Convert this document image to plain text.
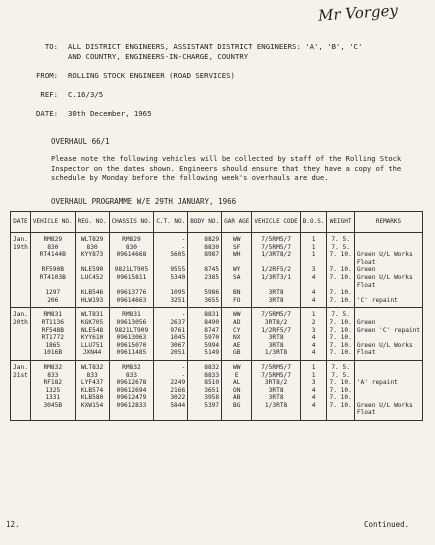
Mr Vorgey
TO: ALL DISTRICT ENGINEERS, ASSISTANT DISTRICT ENGINEERS: 'A', 'B', 'C'
AND COUNTRY, ENGINEERS-IN-CHARGE, COUNTRY
FROM: ROLLING STOCK ENGINEER (ROAD SERVICES)
REF: C.16/3/5
DATE: 30th December, 1965
OVERHAUL 66/1
Please note the following vehicles will be collected by staff of the Rolling Stock Inspector on the dates shown. Engineers should ensure that they have a copy of the schedule by Monday before the following week's overhauls are due.
OVERHAUL PROGRAMME W/E 29TH JANUARY, 1966
DATE	VEHICLE NO.	REG. NO.	CHASSIS NO.	C.T. NO.	BODY NO.	GAR AGE	VEHICLE CODE	B.O.S.	WEIGHT	REMARKS
Jan.	RM829	WLT829	RM829	-	8829	WW	7/5RM5/7	1	7. 5.	
19th	830	830	830	-	8830	SF	7/5RM5/7	1	7. 5.	
	RT4144B	KYY873	09614668	5605	8987	WH	1/3RT8/2	1	7. 10.	Green U/L Works
										Float
	RF590B	NLE590	9821LT905	9555	8745	WY	1/2RF5/2	3	7. 10.	Green
	RT4103B	LUC452	09615811	5340	2385	SA	1/3RT3/1	4	7. 10.	Green U/L Works
										Float
	1297	KLB546	09613776	1095	5986	BN	3RT8	4	7. 10.	
	206	HLW193	09614663	3251	3655	FO	3RT8	4	7. 10.	'C' repaint

Jan.	RM831	WLT831	RM831	-	8831	WW	7/5RM5/7	1	7. 5.	
20th	RT1136	KGK705	09613056	2637	8490	AD	3RT8/2	2	7. 10.	Green
	RF548B	NLE548	9821LT909	9761	8747	CY	1/2RF5/7	3	7. 10.	Green 'C' repaint
	RT1772	KYY610	09613063	1045	5970	NX	3RT8	4	7. 10.	
	1865	LLU751	09615070	3067	5994	AE	3RT8	4	7. 10.	Green U/L Works
	1016B	JXN44	09611485	2051	5149	GB	1/3RT8	4	7. 10.	Float

Jan.	RM832	WLT832	RM832	-	8832	WW	7/5RM5/7	1	7. 5.	
21st	833	833	833	-	8833	E	7/5RM5/7	1	7. 5.	
	RF182	LYF437	09612678	2249	8510	AL	3RT8/2	3	7. 10.	'A' repaint
	1325	KLB574	09612694	2166	3651	ON	3RT8	4	7. 10.	
	1331	KLB580	09612479	3022	3958	AB	3RT8	4	7. 10.	
	3045B	KXW154	09612833	5844	5397	BG	1/3RT8	4	7. 10.	Green U/L Works
										Float

12.	Continued.
